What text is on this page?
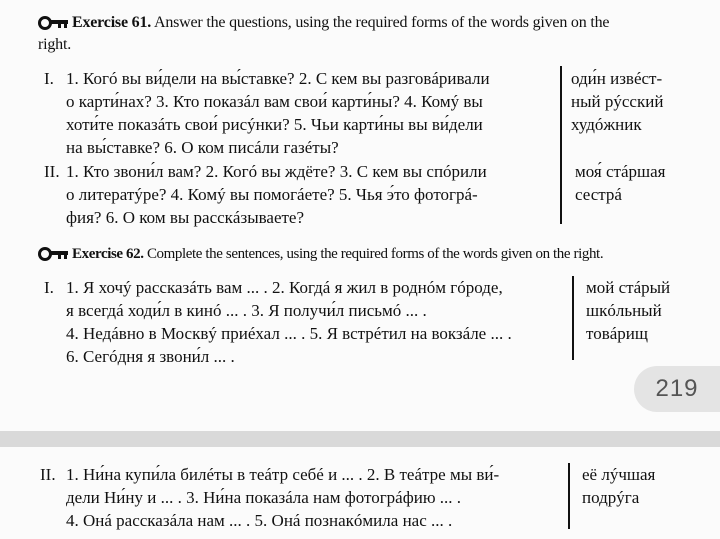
Exercise 61. Answer the questions, using the required forms of the words given on the
right.
I. 1. Когó вы ви́дели на вы́ставке? 2. С кем вы разговáривали
о карти́нах? 3. Кто показáл вам свои́ карти́ны? 4. Комý вы
хоти́те показáть свои́ рисýнки? 5. Чьи карти́ны вы ви́дели
на вы́ставке? 6. О ком писáли газéты?
оди́н извéст-
ный рýсский
худóжник
II. 1. Кто звони́л вам? 2. Когó вы ждёте? 3. С кем вы спóрили
о литератýре? 4. Комý вы помогáете? 5. Чья э́то фотогрá-
фия? 6. О ком вы расскáзываете?
моя́ стáршая
сестрá
Exercise 62. Complete the sentences, using the required forms of the words given on the right.
I. 1. Я хочý рассказáть вам ... . 2. Когдá я жил в роднóм гóроде,
я всегдá ходи́л в кинó ... . 3. Я получи́л письмó ... .
4. Недáвно в Москвý приéхал ... . 5. Я встрéтил на вокзáле ... .
6. Сегóдня я звони́л ... .
мой стáрый
шкóльный
товáрищ
219
II. 1. Ни́на купи́ла билéты в теáтр себé и ... . 2. В теáтре мы ви́-
дели Ни́ну и ... . 3. Ни́на показáла нам фотогрáфию ... .
4. Онá рассказáла нам ... . 5. Онá познакóмила нас ... .
её лýчшая
подрýга
